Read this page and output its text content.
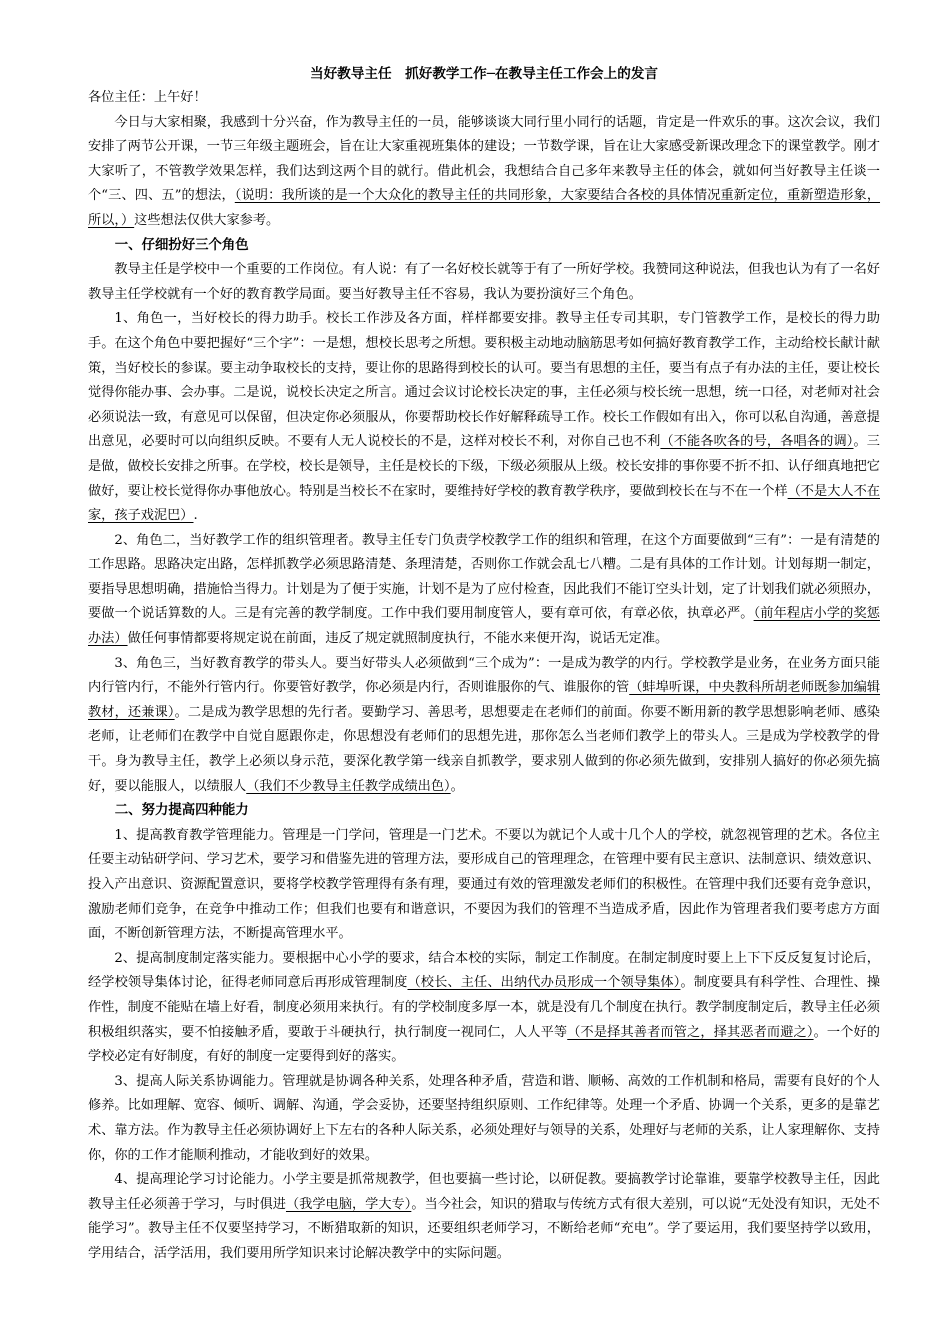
当好教导主任　抓好教学工作─在教导主任工作会上的发言

各位主任：上午好！

今日与大家相聚，我感到十分兴奋，作为教导主任的一员，能够谈谈大同行里小同行的话题，肯定是一件欢乐的事。这次会议，我们安排了两节公开课，一节三年级主题班会，旨在让大家重视班集体的建设；一节数学课，旨在让大家感受新课改理念下的课堂教学。刚才大家听了，不管教学效果怎样，我们达到这两个目的就行。借此机会，我想结合自己多年来教导主任的体会，就如何当好教导主任谈一个“三、四、五”的想法，（说明：我所谈的是一个大众化的教导主任的共同形象，大家要结合各校的具体情况重新定位，重新塑造形象，所以，）这些想法仅供大家参考。

一、仔细扮好三个角色

教导主任是学校中一个重要的工作岗位。有人说：有了一名好校长就等于有了一所好学校。我赞同这种说法，但我也认为有了一名好教导主任学校就有一个好的教育教学局面。要当好教导主任不容易，我认为要扮演好三个角色。

1、角色一，当好校长的得力助手。校长工作涉及各方面，样样都要安排。教导主任专司其职，专门管教学工作，是校长的得力助手。在这个角色中要把握好“三个字”：一是想，想校长思考之所想。要积极主动地动脑筋思考如何搞好教育教学工作，主动给校长献计献策，当好校长的参谋。要主动争取校长的支持，要让你的思路得到校长的认可。要当有思想的主任，要当有点子有办法的主任，要让校长觉得你能办事、会办事。二是说，说校长决定之所言。通过会议讨论校长决定的事，主任必须与校长统一思想，统一口径，对老师对社会必须说法一致，有意见可以保留，但决定你必须服从，你要帮助校长作好解释疏导工作。校长工作假如有出入，你可以私自沟通，善意提出意见，必要时可以向组织反映。不要有人无人说校长的不是，这样对校长不利，对你自己也不利（不能各吹各的号，各唱各的调）。三是做，做校长安排之所事。在学校，校长是领导，主任是校长的下级，下级必须服从上级。校长安排的事你要不折不扣、认仔细真地把它做好，要让校长觉得你办事他放心。特别是当校长不在家时，要维持好学校的教育教学秩序，要做到校长在与不在一个样（不是大人不在家，孩子戏泥巴）.

2、角色二，当好教学工作的组织管理者。教导主任专门负责学校教学工作的组织和管理，在这个方面要做到“三有”：一是有清楚的工作思路。思路决定出路，怎样抓教学必须思路清楚、条理清楚，否则你工作就会乱七八糟。二是有具体的工作计划。计划每期一制定，要指导思想明确，措施恰当得力。计划是为了便于实施，计划不是为了应付检查，因此我们不能订空头计划，定了计划我们就必须照办，要做一个说话算数的人。三是有完善的教学制度。工作中我们要用制度管人，要有章可依，有章必依，执章必严。（前年程店小学的奖惩办法）做任何事情都要将规定说在前面，违反了规定就照制度执行，不能水来便开沟，说话无定准。

3、角色三，当好教育教学的带头人。要当好带头人必须做到“三个成为”：一是成为教学的内行。学校教学是业务，在业务方面只能内行管内行，不能外行管内行。你要管好教学，你必须是内行，否则谁服你的气、谁服你的管（蚌埠听课，中央教科所胡老师既参加编辑教材，还兼课）。二是成为教学思想的先行者。要勤学习、善思考，思想要走在老师们的前面。你要不断用新的教学思想影响老师、感染老师，让老师们在教学中自觉自愿跟你走，你思想没有老师们的思想先进，那你怎么当老师们教学上的带头人。三是成为学校教学的骨干。身为教导主任，教学上必须以身示范，要深化教学第一线亲自抓教学，要求别人做到的你必须先做到，安排别人搞好的你必须先搞好，要以能服人，以绩服人（我们不少教导主任教学成绩出色）。

二、努力提高四种能力

1、提高教育教学管理能力。管理是一门学问，管理是一门艺术。不要以为就记个人或十几个人的学校，就忽视管理的艺术。各位主任要主动钻研学问、学习艺术，要学习和借鉴先进的管理方法，要形成自己的管理理念，在管理中要有民主意识、法制意识、绩效意识、投入产出意识、资源配置意识，要将学校教学管理得有条有理，要通过有效的管理激发老师们的积极性。在管理中我们还要有竞争意识，激励老师们竞争，在竞争中推动工作；但我们也要有和谐意识，不要因为我们的管理不当造成矛盾，因此作为管理者我们要考虑方方面面，不断创新管理方法，不断提高管理水平。

2、提高制度制定落实能力。要根据中心小学的要求，结合本校的实际，制定工作制度。在制定制度时要上上下下反反复复讨论后，经学校领导集体讨论，征得老师同意后再形成管理制度（校长、主任、出纳代办员形成一个领导集体）。制度要具有科学性、合理性、操作性，制度不能贴在墙上好看，制度必须用来执行。有的学校制度多厚一本，就是没有几个制度在执行。教学制度制定后，教导主任必须积极组织落实，要不怕接触矛盾，要敢于斗硬执行，执行制度一视同仁，人人平等（不是择其善者而管之，择其恶者而避之）。一个好的学校必定有好制度，有好的制度一定要得到好的落实。

3、提高人际关系协调能力。管理就是协调各种关系，处理各种矛盾，营造和谐、顺畅、高效的工作机制和格局，需要有良好的个人修养。比如理解、宽容、倾听、调解、沟通，学会妥协，还要坚持组织原则、工作纪律等。处理一个矛盾、协调一个关系，更多的是靠艺术、靠方法。作为教导主任必须协调好上下左右的各种人际关系，必须处理好与领导的关系，处理好与老师的关系，让人家理解你、支持你，你的工作才能顺利推动，才能收到好的效果。

4、提高理论学习讨论能力。小学主要是抓常规教学，但也要搞一些讨论，以研促教。要搞教学讨论靠谁，要靠学校教导主任，因此教导主任必须善于学习，与时俱进（我学电脑，学大专）。当今社会，知识的猎取与传统方式有很大差别，可以说“无处没有知识，无处不能学习”。教导主任不仅要坚持学习，不断猎取新的知识，还要组织老师学习，不断给老师“充电”。学了要运用，我们要坚持学以致用，学用结合，活学活用，我们要用所学知识来讨论解决教学中的实际问题。
